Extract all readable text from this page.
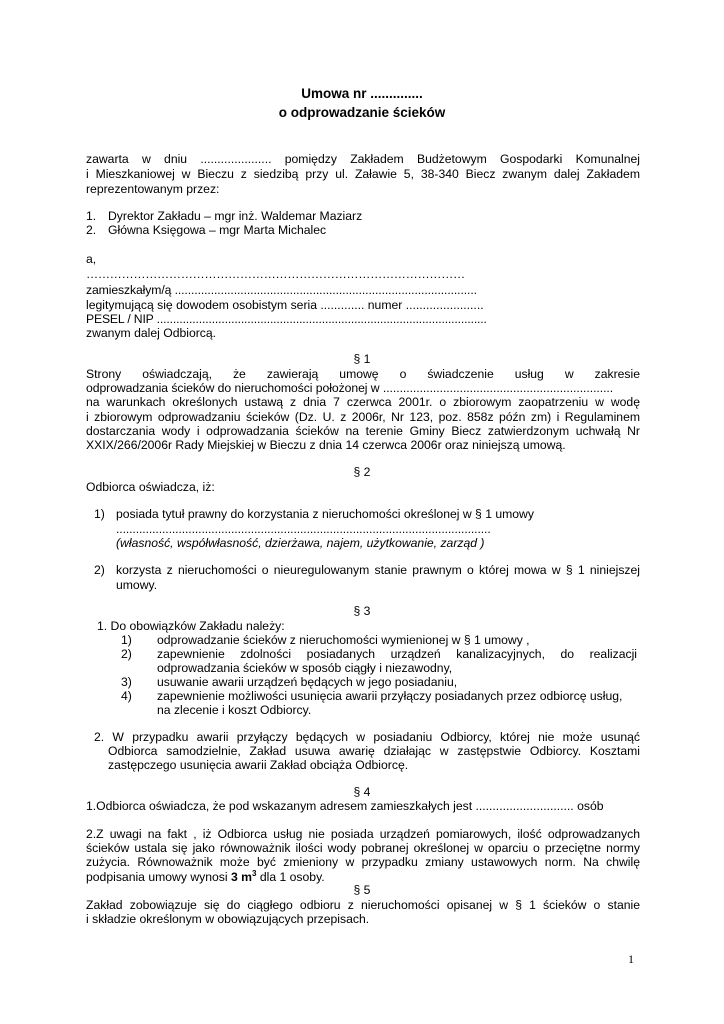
Umowa nr ..............
o odprowadzanie ścieków
zawarta w dniu ..................... pomiędzy Zakładem Budżetowym Gospodarki Komunalnej
i Mieszkaniowej w Bieczu z siedzibą przy ul. Załawie 5, 38-340 Biecz zwanym dalej Zakładem
reprezentowanym przez:
1. Dyrektor Zakładu – mgr inż. Waldemar Maziarz
2. Główna Księgowa – mgr Marta Michalec
a,
……………………………………………………………………………………
zamieszkałym/ą ............................................................................................
legitymującą się dowodem osobistym seria ............. numer .......................
PESEL / NIP ......................................................................................................
zwanym dalej Odbiorcą.
§ 1
Strony oświadczają, że zawierają umowę o świadczenie usług w zakresie
odprowadzania ścieków do nieruchomości położonej w .....................................................................
na warunkach określonych ustawą z dnia 7 czerwca 2001r. o zbiorowym zaopatrzeniu w wodę
i zbiorowym odprowadzaniu ścieków (Dz. U. z 2006r, Nr 123, poz. 858z późn zm) i Regulaminem
dostarczania wody i odprowadzania ścieków na terenie Gminy Biecz zatwierdzonym uchwałą Nr
XXIX/266/2006r Rady Miejskiej w Bieczu z dnia 14 czerwca 2006r oraz niniejszą umową.
§ 2
Odbiorca oświadcza, iż:
1) posiada tytuł prawny do korzystania z nieruchomości określonej w § 1 umowy
..................................................................................................................
(własność, współwłasność, dzierżawa, najem, użytkowanie, zarząd )
2) korzysta z nieruchomości o nieuregulowanym stanie prawnym o której mowa w § 1 niniejszej
umowy.
§ 3
1. Do obowiązków Zakładu należy:
1) odprowadzanie ścieków z nieruchomości wymienionej w § 1 umowy ,
2) zapewnienie zdolności posiadanych urządzeń kanalizacyjnych, do realizacji
odprowadzania ścieków w sposób ciągły i niezawodny,
3) usuwanie awarii urządzeń będących w jego posiadaniu,
4) zapewnienie możliwości usunięcia awarii przyłączy posiadanych przez odbiorcę usług,
na zlecenie i koszt Odbiorcy.
2. W przypadku awarii przyłączy będących w posiadaniu Odbiorcy, której nie może usunąć
Odbiorca samodzielnie, Zakład usuwa awarię działając w zastępstwie Odbiorcy. Kosztami
zastępczego usunięcia awarii Zakład obciąża Odbiorcę.
§ 4
1.Odbiorca oświadcza, że pod wskazanym adresem zamieszkałych jest ............................. osób
2.Z uwagi na fakt , iż Odbiorca usług nie posiada urządzeń pomiarowych, ilość odprowadzanych
ścieków ustala się jako równoważnik ilości wody pobranej określonej w oparciu o przeciętne normy
zużycia. Równoważnik może być zmieniony w przypadku zmiany ustawowych norm. Na chwilę
podpisania umowy wynosi 3 $m^3$ dla 1 osoby.
§ 5
Zakład zobowiązuje się do ciągłego odbioru z nieruchomości opisanej w § 1 ścieków o stanie
i składzie określonym w obowiązujących przepisach.
1
